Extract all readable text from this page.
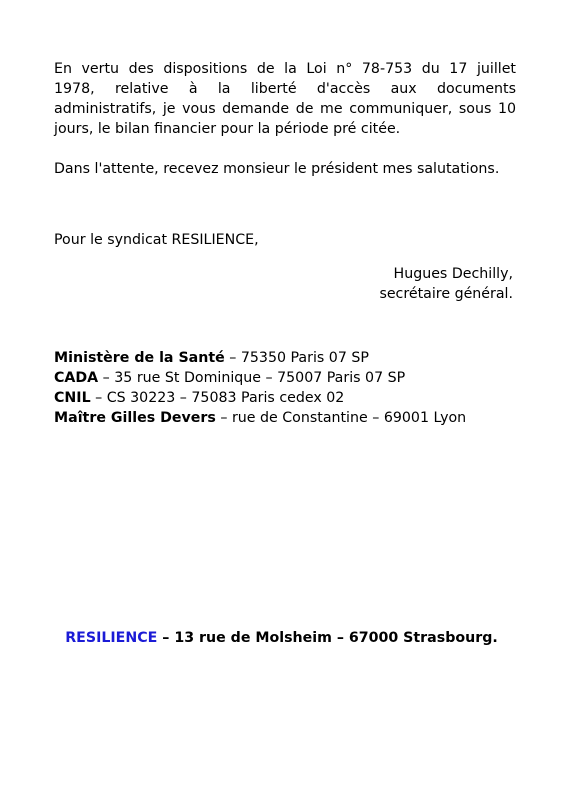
En vertu des dispositions de la Loi n° 78-753 du 17 juillet
1978, relative à la liberté d'accès aux documents
administratifs, je vous demande de me communiquer, sous 10
jours, le bilan financier pour la période pré citée.
Dans l'attente, recevez monsieur le président mes salutations.
Pour le syndicat RESILIENCE,
Hugues Dechilly,
secrétaire général.
Ministère de la Santé – 75350 Paris 07 SP
CADA – 35 rue St Dominique – 75007 Paris 07 SP
CNIL – CS 30223 – 75083 Paris cedex 02
Maître Gilles Devers – rue de Constantine – 69001 Lyon
RESILIENCE – 13 rue de Molsheim – 67000 Strasbourg.
